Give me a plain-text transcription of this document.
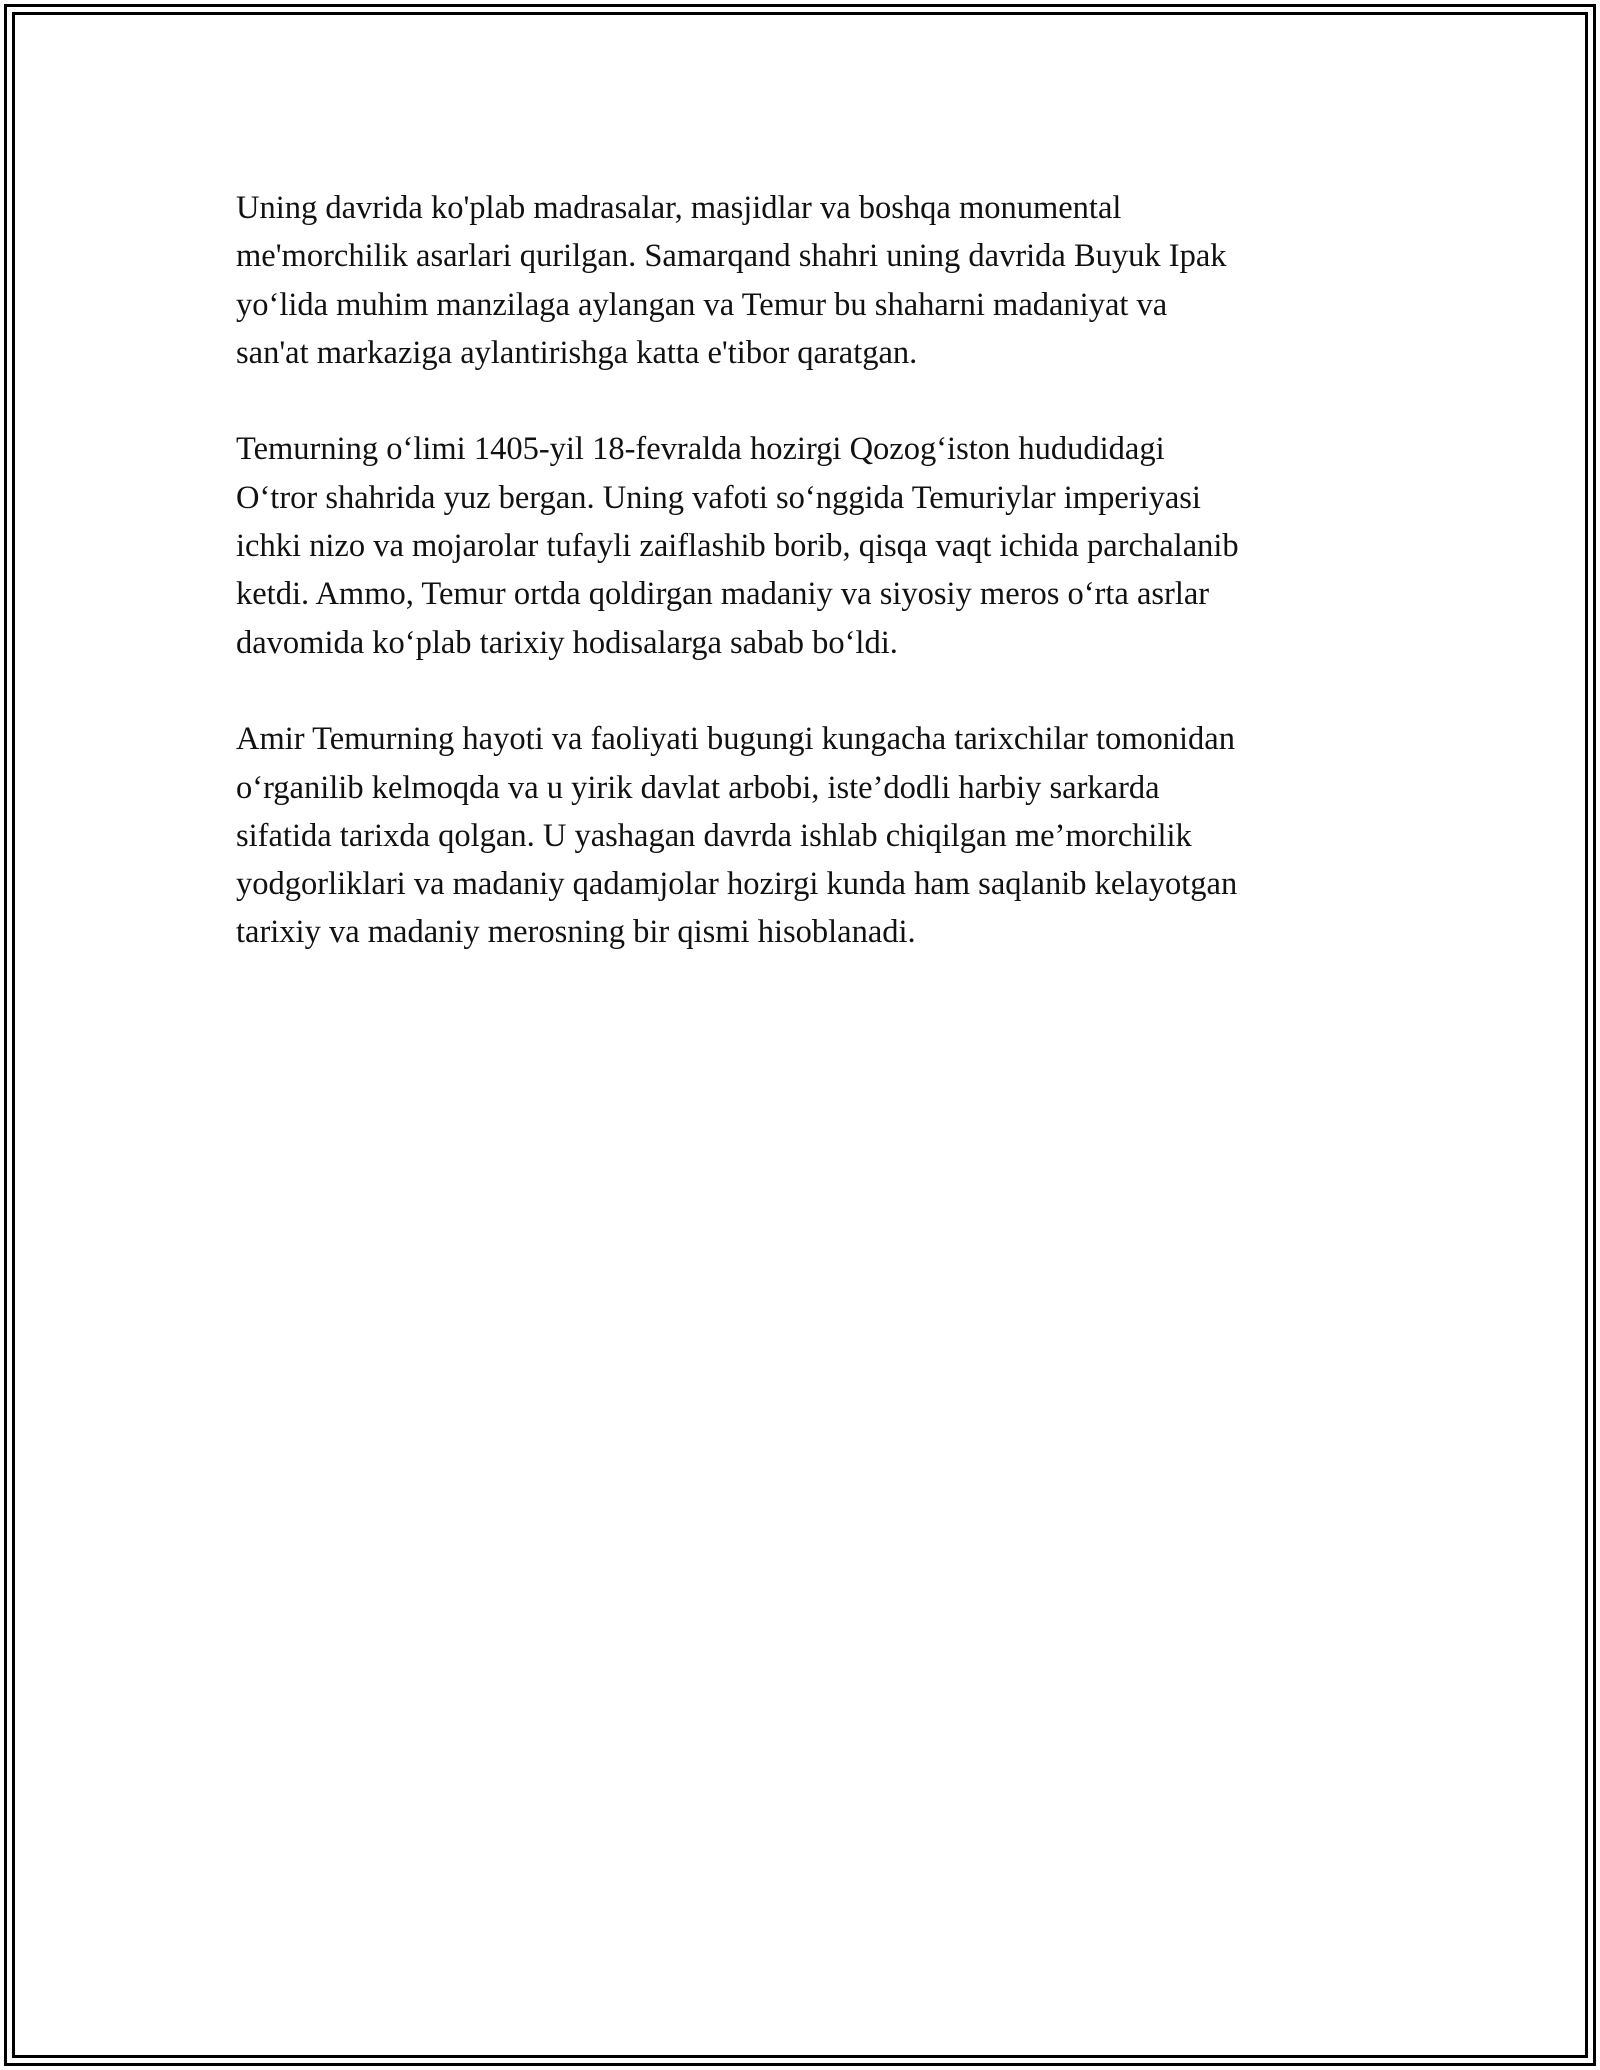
Uning davrida ko'plab madrasalar, masjidlar va boshqa monumental
me'morchilik asarlari qurilgan. Samarqand shahri uning davrida Buyuk Ipak
yo‘lida muhim manzilaga aylangan va Temur bu shaharni madaniyat va
san'at markaziga aylantirishga katta e'tibor qaratgan.

Temurning o‘limi 1405-yil 18-fevralda hozirgi Qozog‘iston hududidagi
O‘tror shahrida yuz bergan. Uning vafoti so‘nggida Temuriylar imperiyasi
ichki nizo va mojarolar tufayli zaiflashib borib, qisqa vaqt ichida parchalanib
ketdi. Ammo, Temur ortda qoldirgan madaniy va siyosiy meros o‘rta asrlar
davomida ko‘plab tarixiy hodisalarga sabab bo‘ldi.

Amir Temurning hayoti va faoliyati bugungi kungacha tarixchilar tomonidan
o‘rganilib kelmoqda va u yirik davlat arbobi, iste’dodli harbiy sarkarda
sifatida tarixda qolgan. U yashagan davrda ishlab chiqilgan me’morchilik
yodgorliklari va madaniy qadamjolar hozirgi kunda ham saqlanib kelayotgan
tarixiy va madaniy merosning bir qismi hisoblanadi.
